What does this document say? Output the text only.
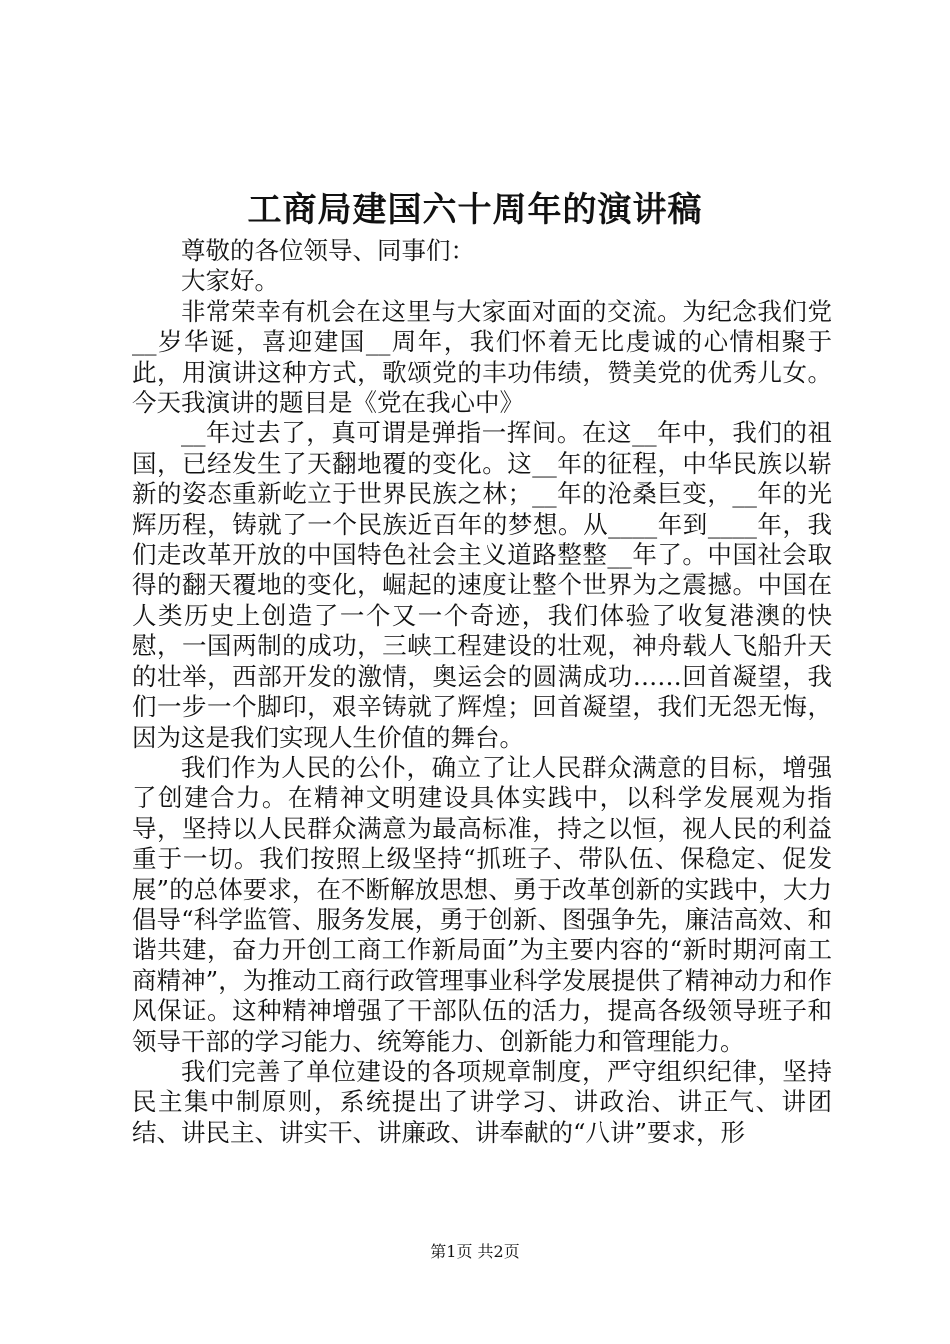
工商局建国六十周年的演讲稿

尊敬的各位领导、同事们：

大家好。

非常荣幸有机会在这里与大家面对面的交流。为纪念我们党__岁华诞，喜迎建国__周年，我们怀着无比虔诚的心情相聚于此，用演讲这种方式，歌颂党的丰功伟绩，赞美党的优秀儿女。今天我演讲的题目是《党在我心中》

__年过去了，真可谓是弹指一挥间。在这__年中，我们的祖国，已经发生了天翻地覆的变化。这__年的征程，中华民族以崭新的姿态重新屹立于世界民族之林；__年的沧桑巨变，__年的光辉历程，铸就了一个民族近百年的梦想。从____年到____年，我们走改革开放的中国特色社会主义道路整整__年了。中国社会取得的翻天覆地的变化，崛起的速度让整个世界为之震撼。中国在人类历史上创造了一个又一个奇迹，我们体验了收复港澳的快慰，一国两制的成功，三峡工程建设的壮观，神舟载人飞船升天的壮举，西部开发的激情，奥运会的圆满成功……回首凝望，我们一步一个脚印，艰辛铸就了辉煌；回首凝望，我们无怨无悔，因为这是我们实现人生价值的舞台。

我们作为人民的公仆，确立了让人民群众满意的目标，增强了创建合力。在精神文明建设具体实践中，以科学发展观为指导，坚持以人民群众满意为最高标准，持之以恒，视人民的利益重于一切。我们按照上级坚持“抓班子、带队伍、保稳定、促发展”的总体要求，在不断解放思想、勇于改革创新的实践中，大力倡导“科学监管、服务发展，勇于创新、图强争先，廉洁高效、和谐共建，奋力开创工商工作新局面”为主要内容的“新时期河南工商精神”，为推动工商行政管理事业科学发展提供了精神动力和作风保证。这种精神增强了干部队伍的活力，提高各级领导班子和领导干部的学习能力、统筹能力、创新能力和管理能力。

我们完善了单位建设的各项规章制度，严守组织纪律，坚持民主集中制原则，系统提出了讲学习、讲政治、讲正气、讲团结、讲民主、讲实干、讲廉政、讲奉献的“八讲”要求，形

第1页 共2页
